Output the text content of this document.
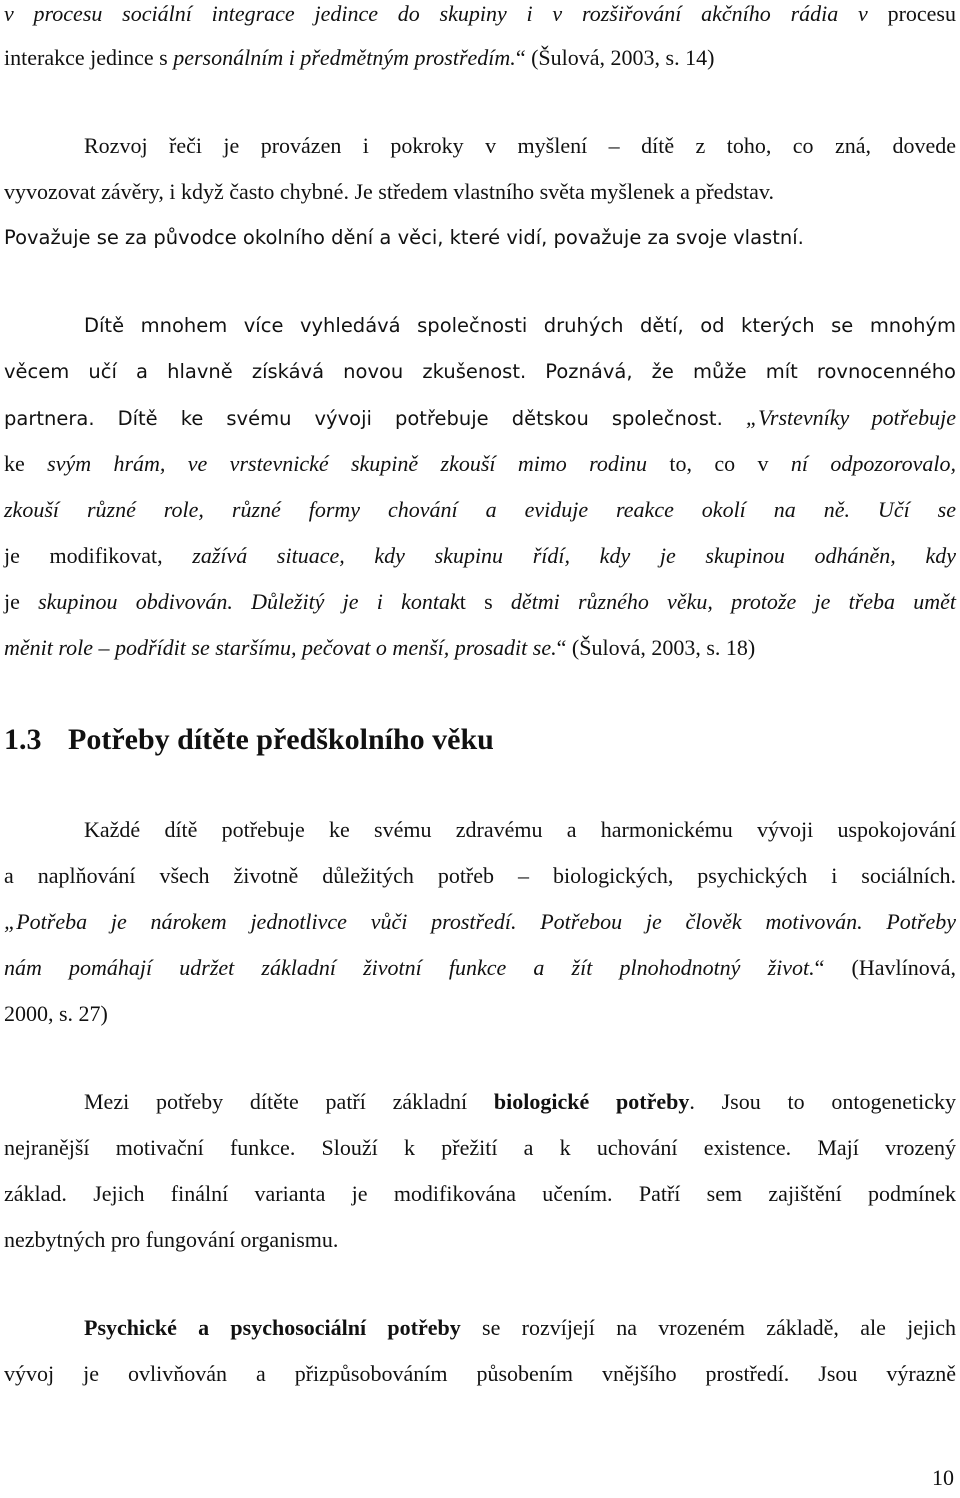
v procesu sociální integrace jedince do skupiny i v rozšiřování akčního rádia v procesu
interakce jedince s personálním i předmětným prostředím.“ (Šulová, 2003, s. 14)
Rozvoj řeči je provázen i pokroky v myšlení – dítě z toho, co zná, dovede
vyvozovat závěry, i když často chybné. Je středem vlastního světa myšlenek a představ.
Považuje se za původce okolního dění a věci, které vidí, považuje za svoje vlastní.
Dítě mnohem více vyhledává společnosti druhých dětí, od kterých se mnohým
věcem učí a hlavně získává novou zkušenost. Poznává, že může mít rovnocenného
partnera. Dítě ke svému vývoji potřebuje dětskou společnost. „Vrstevníky potřebuje
ke svým hrám, ve vrstevnické skupině zkouší mimo rodinu to, co v ní odpozorovalo,
zkouší různé role, různé formy chování a eviduje reakce okolí na ně. Učí se
je modifikovat, zažívá situace, kdy skupinu řídí, kdy je skupinou odháněn, kdy
je skupinou obdivován. Důležitý je i kontakt s dětmi různého věku, protože je třeba umět
měnit role – podřídit se staršímu, pečovat o menší, prosadit se.“ (Šulová, 2003, s. 18)
1.3 Potřeby dítěte předškolního věku
Každé dítě potřebuje ke svému zdravému a harmonickému vývoji uspokojování
a naplňování všech životně důležitých potřeb – biologických, psychických i sociálních.
„Potřeba je nárokem jednotlivce vůči prostředí. Potřebou je člověk motivován. Potřeby
nám pomáhají udržet základní životní funkce a žít plnohodnotný život.“ (Havlínová,
2000, s. 27)
Mezi potřeby dítěte patří základní biologické potřeby. Jsou to ontogeneticky
nejranější motivační funkce. Slouží k přežití a k uchování existence. Mají vrozený
základ. Jejich finální varianta je modifikována učením. Patří sem zajištění podmínek
nezbytných pro fungování organismu.
Psychické a psychosociální potřeby se rozvíjejí na vrozeném základě, ale jejich
vývoj je ovlivňován a přizpůsobováním působením vnějšího prostředí. Jsou výrazně
10
